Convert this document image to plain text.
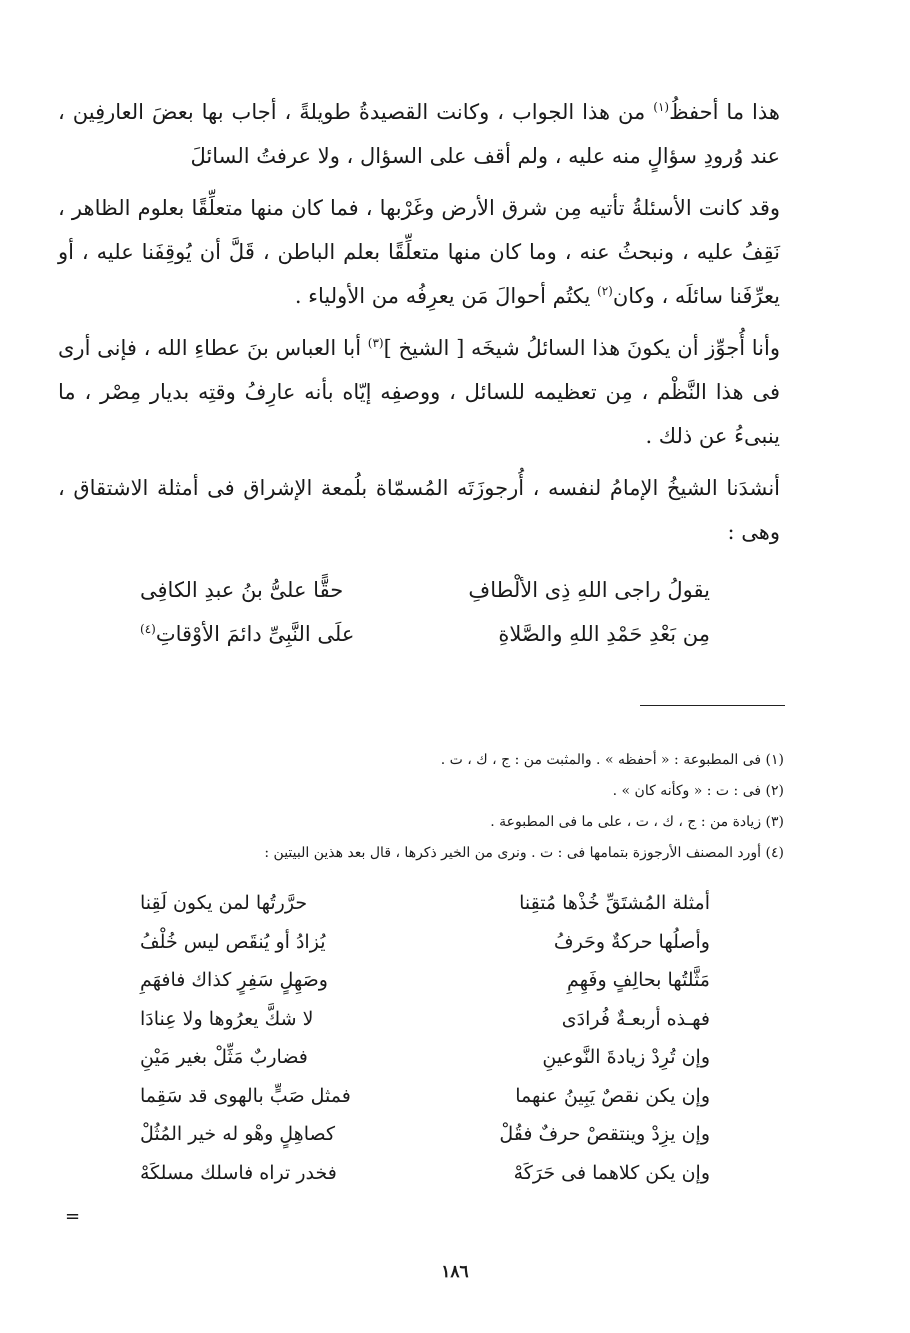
هذا ما أحفظُ$^{(١)}$ من هذا الجواب ، وكانت القصيدةُ طويلةً ، أجاب بها بعضَ العارفِين ، عند وُرودِ سؤالٍ منه عليه ، ولم أقف على السؤال ، ولا عرفتُ السائلَ

وقد كانت الأسئلةُ تأتيه مِن شرق الأرض وغَرْبها ، فما كان منها متعلِّقًا بعلوم الظاهر ، نَقِفُ عليه ، ونبحثُ عنه ، وما كان منها متعلِّقًا بعلم الباطن ، قَلَّ أن يُوقِفَنا عليه ، أو يعرِّفَنا سائلَه ، وكان$^{(٢)}$ يكتُم أحوالَ مَن يعرِفُه من الأولياء .

وأنا أُجوِّز أن يكونَ هذا السائلُ شيخَه [ الشيخ ]$^{(٣)}$ أبا العباس بنَ عطاءِ الله ، فإنى أرى فى هذا النَّظْم ، مِن تعظيمه للسائل ، ووصفِه إيّاه بأنه عارِفُ وقتِه بديار مِصْر ، ما ينبىءُ عن ذلك .

أنشدَنا الشيخُ الإمامُ لنفسه ، أُرجوزَتَه المُسمّاة بلُمعة الإشراق فى أمثلة الاشتقاق ، وهى :

يقولُ راجى اللهِ ذِى الألْطافِ
حقًّا علىُّ بنُ عبدِ الكافِى
مِن بَعْدِ حَمْدِ اللهِ والصَّلاةِ
علَى النَّبِىِّ دائمَ الأوْقاتِ$^{(٤)}$
(١) فى المطبوعة : « أحفظه » . والمثبت من : ج ، ك ، ت .
(٢) فى : ت : « وكأنه كان » .
(٣) زيادة من : ج ، ك ، ت ، على ما فى المطبوعة .
(٤) أورد المصنف الأرجوزة بتمامها فى : ت . ونرى من الخير ذكرها ، قال بعد هذين البيتين :
أمثلة المُشتَقِّ خُذْها مُتقِنا
حرَّرتُها لمن يكون لَقِنا
وأصلُها حركةٌ وحَرفُ
يُزادُ أو يُنقَص ليس خُلْفُ
مَثَّلتُها بحالِفٍ وفَهِمِ
وصَهِلٍ سَفِرٍ كذاك فافهَمِ
فهـذه أربعـةٌ فُرادَى
لا شكَّ يعرُوها ولا عِنادَا
وإن تُرِدْ زيادةَ النَّوعينِ
فضاربٌ مَثِّلْ بغير مَيْنِ
وإن يكن نقصٌ يَبِينُ عنهما
فمثل صَبٍّ بالهوى قد سَقِما
وإن يزِدْ وينتقصْ حرفٌ فقُلْ
كصاهِلٍ وهْو له خير المُثُلْ
وإن يكن كلاهما فى حَرَكَهْ
فخدر تراه فاسلك مسلكَهْ
=
١٨٦
